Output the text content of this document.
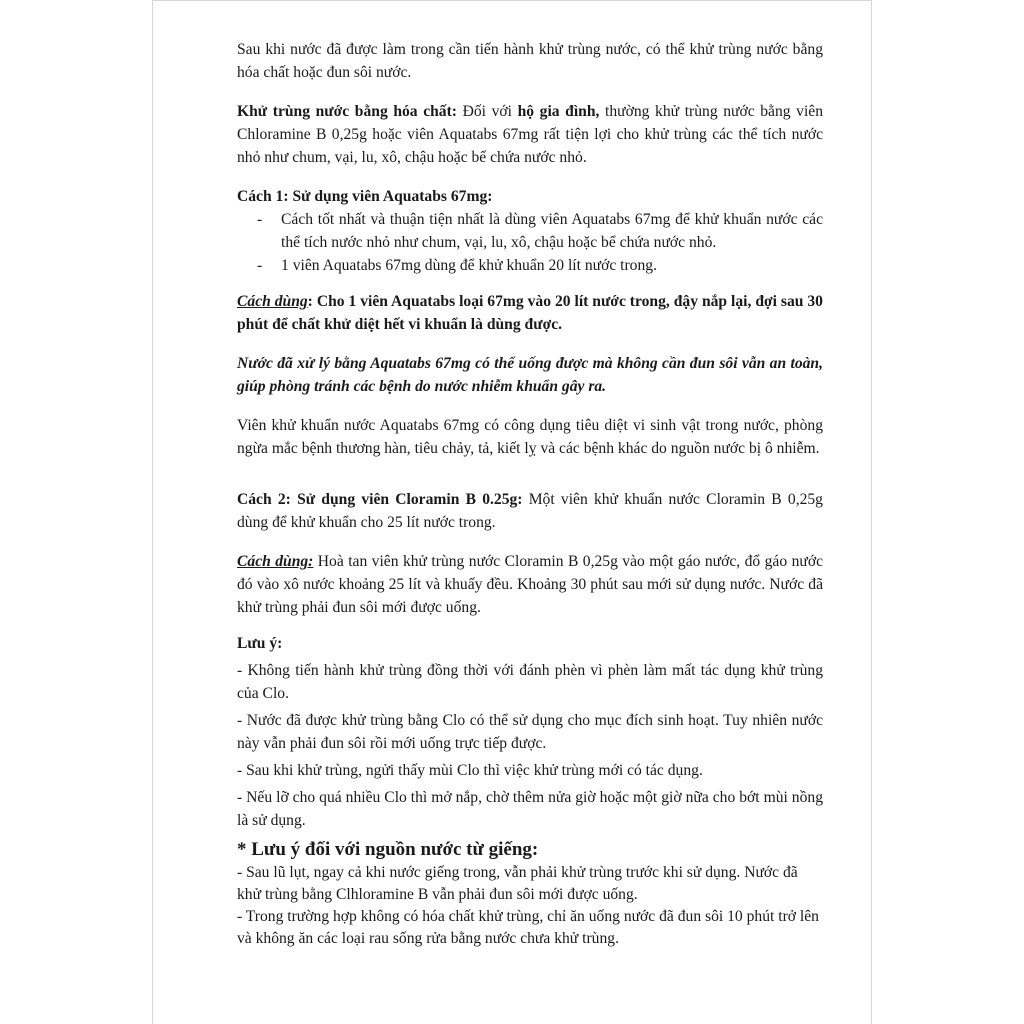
Sau khi nước đã được làm trong cần tiến hành khử trùng nước, có thể khử trùng nước bằng hóa chất hoặc đun sôi nước.

Khử trùng nước bằng hóa chất: Đối với hộ gia đình, thường khử trùng nước bằng viên Chloramine B 0,25g hoặc viên Aquatabs 67mg rất tiện lợi cho khử trùng các thể tích nước nhỏ như chum, vại, lu, xô, chậu hoặc bể chứa nước nhỏ.

Cách 1: Sử dụng viên Aquatabs 67mg:

- Cách tốt nhất và thuận tiện nhất là dùng viên Aquatabs 67mg để khử khuẩn nước các thể tích nước nhỏ như chum, vại, lu, xô, chậu hoặc bể chứa nước nhỏ.
- 1 viên Aquatabs 67mg dùng để khử khuẩn 20 lít nước trong.

Cách dùng: Cho 1 viên Aquatabs loại 67mg vào 20 lít nước trong, đậy nắp lại, đợi sau 30 phút để chất khử diệt hết vi khuẩn là dùng được.

Nước đã xử lý bằng Aquatabs 67mg có thể uống được mà không cần đun sôi vẫn an toàn, giúp phòng tránh các bệnh do nước nhiễm khuẩn gây ra.

Viên khử khuẩn nước Aquatabs 67mg có công dụng tiêu diệt vi sinh vật trong nước, phòng ngừa mắc bệnh thương hàn, tiêu chảy, tả, kiết lỵ và các bệnh khác do nguồn nước bị ô nhiễm.

Cách 2: Sử dụng viên Cloramin B 0.25g: Một viên khử khuẩn nước Cloramin B 0,25g dùng để khử khuẩn cho 25 lít nước trong.

Cách dùng: Hoà tan viên khử trùng nước Cloramin B 0,25g vào một gáo nước, đổ gáo nước đó vào xô nước khoảng 25 lít và khuấy đều. Khoảng 30 phút sau mới sử dụng nước. Nước đã khử trùng phải đun sôi mới được uống.

Lưu ý:

- Không tiến hành khử trùng đồng thời với đánh phèn vì phèn làm mất tác dụng khử trùng của Clo.

- Nước đã được khử trùng bằng Clo có thể sử dụng cho mục đích sinh hoạt. Tuy nhiên nước này vẫn phải đun sôi rồi mới uống trực tiếp được.

- Sau khi khử trùng, ngửi thấy mùi Clo thì việc khử trùng mới có tác dụng.

- Nếu lỡ cho quá nhiều Clo thì mở nắp, chờ thêm nửa giờ hoặc một giờ nữa cho bớt mùi nồng là sử dụng.

* Lưu ý đối với nguồn nước từ giếng:

- Sau lũ lụt, ngay cả khi nước giếng trong, vẫn phải khử trùng trước khi sử dụng. Nước đã khử trùng bằng Clhloramine B vẫn phải đun sôi mới được uống.

- Trong trường hợp không có hóa chất khử trùng, chỉ ăn uống nước đã đun sôi 10 phút trở lên và không ăn các loại rau sống rửa bằng nước chưa khử trùng.
